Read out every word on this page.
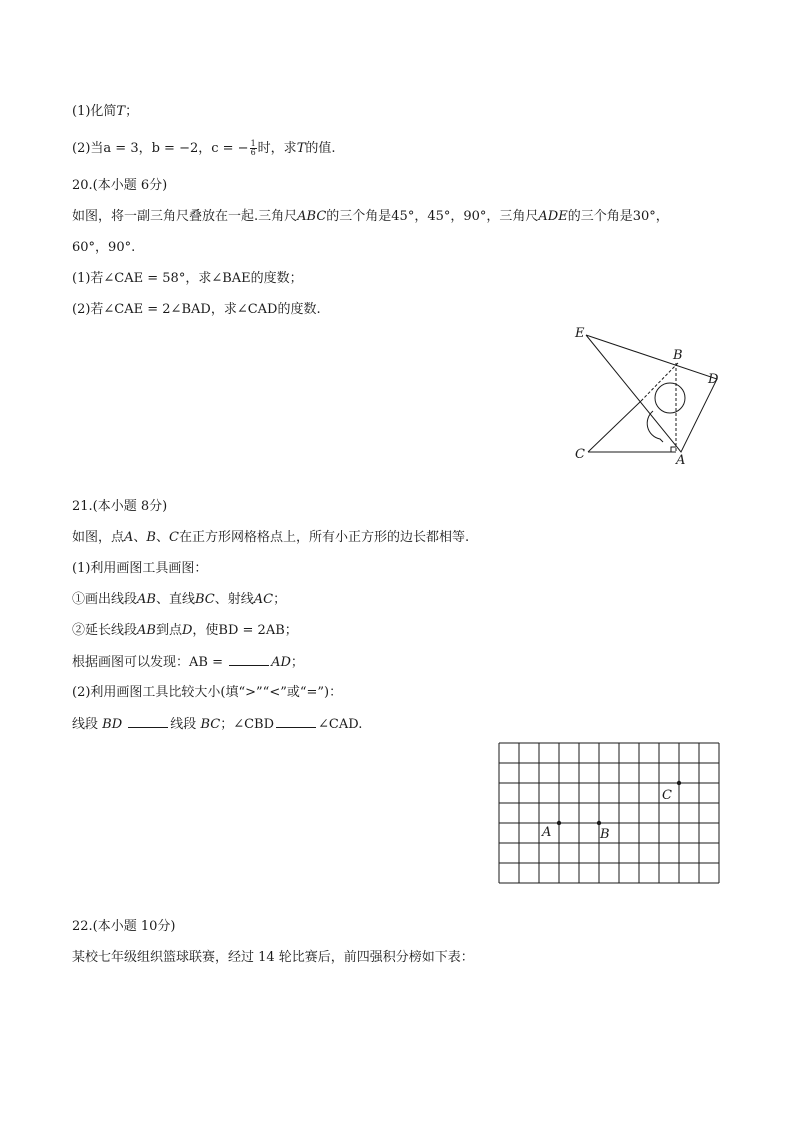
(1)化简T；
(2)当a = 3，b = −2，c = − $\frac{1}{6}$ 时，求T的值.
20.(本小题 6分)
如图，将一副三角尺叠放在一起.三角尺ABC的三个角是45°，45°，90°，三角尺ADE的三个角是30°，
60°，90°.
(1)若∠CAE = 58°，求∠BAE的度数；
(2)若∠CAE = 2∠BAD，求∠CAD的度数.
E
B
D
C	A
21.(本小题 8分)
如图，点A、B、C在正方形网格格点上，所有小正方形的边长都相等.
(1)利用画图工具画图：
①画出线段AB、直线BC、射线AC；
②延长线段AB到点D，使BD = 2AB；
根据画图可以发现：AB =	AD；
(2)利用画图工具比较大小(填“>”“<”或“=”)：
线段 BD	线段 BC；∠CBD	∠CAD.
C
A	B
22.(本小题 10分)
某校七年级组织篮球联赛，经过 14 轮比赛后，前四强积分榜如下表：
